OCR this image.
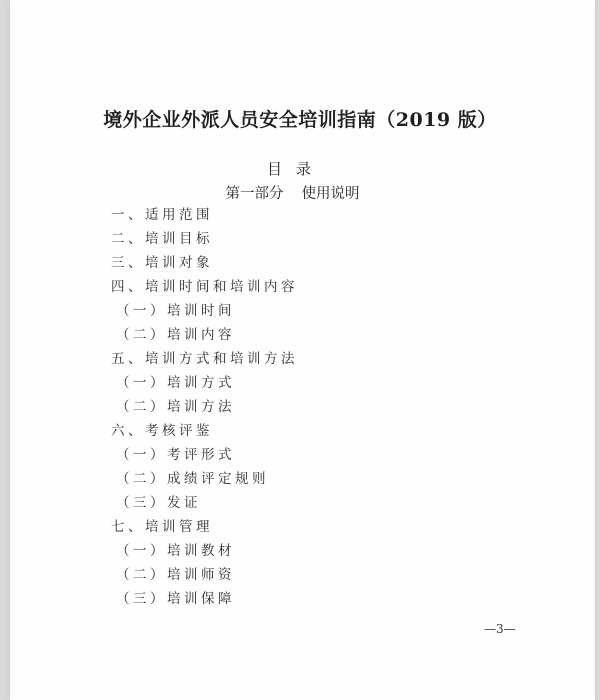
境外企业外派人员安全培训指南（2019 版）
目录
第一部分 使用说明
一、适用范围
二、培训目标
三、培训对象
四、培训时间和培训内容
（一）培训时间
（二）培训内容
五、培训方式和培训方法
（一）培训方式
（二）培训方法
六、考核评鉴
（一）考评形式
（二）成绩评定规则
（三）发证
七、培训管理
（一）培训教材
（二）培训师资
（三）培训保障
—3—
